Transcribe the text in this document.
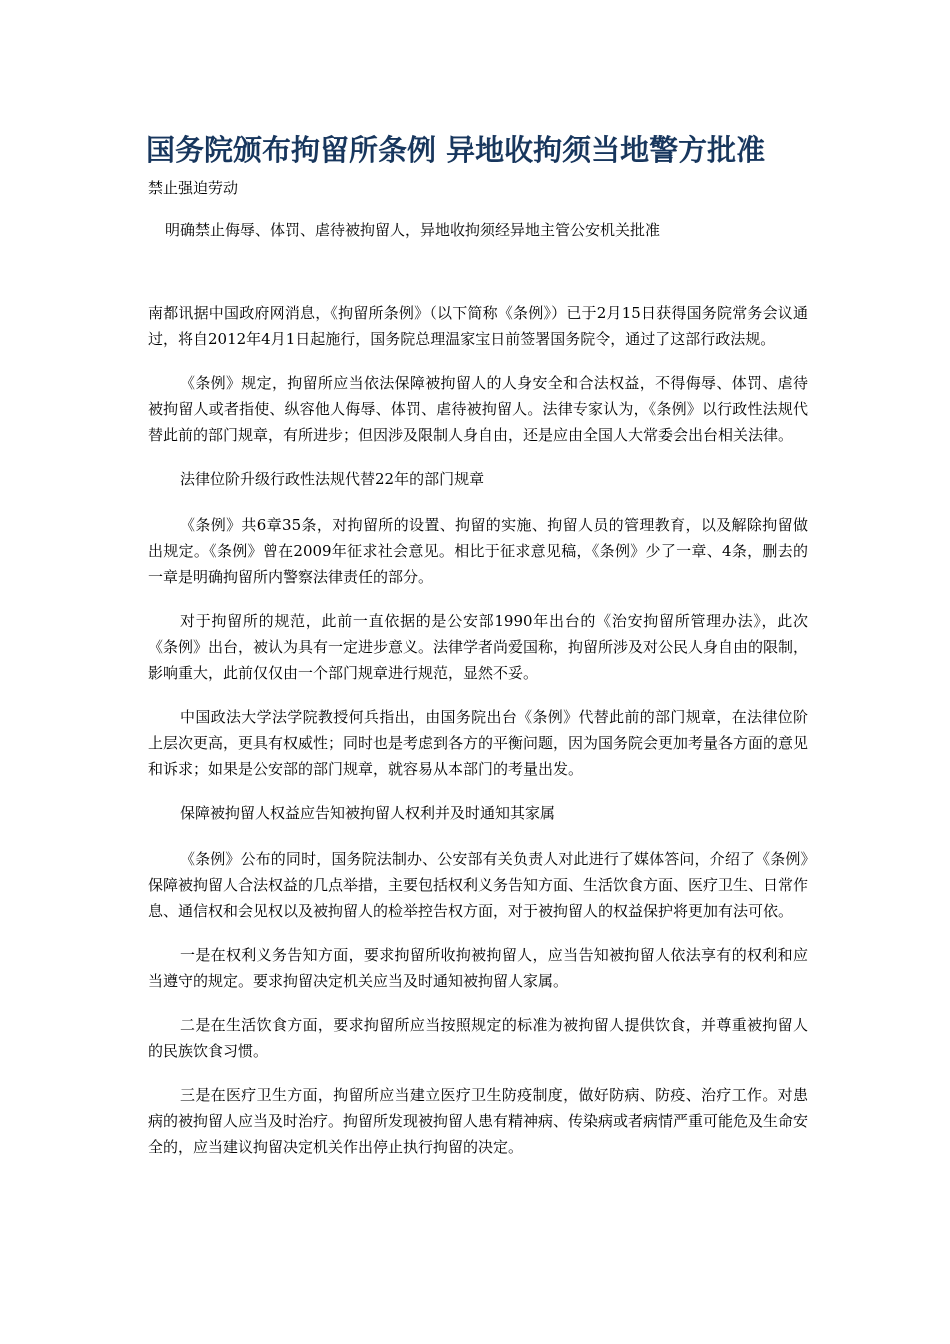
国务院颁布拘留所条例 异地收拘须当地警方批准

禁止强迫劳动

明确禁止侮辱、体罚、虐待被拘留人，异地收拘须经异地主管公安机关批准

南都讯据中国政府网消息，《拘留所条例》（以下简称《条例》）已于2月15日获得国务院常务会议通过，将自2012年4月1日起施行，国务院总理温家宝日前签署国务院令，通过了这部行政法规。

《条例》规定，拘留所应当依法保障被拘留人的人身安全和合法权益，不得侮辱、体罚、虐待被拘留人或者指使、纵容他人侮辱、体罚、虐待被拘留人。法律专家认为，《条例》以行政性法规代替此前的部门规章，有所进步；但因涉及限制人身自由，还是应由全国人大常委会出台相关法律。

法律位阶升级行政性法规代替22年的部门规章

《条例》共6章35条，对拘留所的设置、拘留的实施、拘留人员的管理教育，以及解除拘留做出规定。《条例》曾在2009年征求社会意见。相比于征求意见稿，《条例》少了一章、4条，删去的一章是明确拘留所内警察法律责任的部分。

对于拘留所的规范，此前一直依据的是公安部1990年出台的《治安拘留所管理办法》，此次《条例》出台，被认为具有一定进步意义。法律学者尚爱国称，拘留所涉及对公民人身自由的限制，影响重大，此前仅仅由一个部门规章进行规范，显然不妥。

中国政法大学法学院教授何兵指出，由国务院出台《条例》代替此前的部门规章，在法律位阶上层次更高，更具有权威性；同时也是考虑到各方的平衡问题，因为国务院会更加考量各方面的意见和诉求；如果是公安部的部门规章，就容易从本部门的考量出发。

保障被拘留人权益应告知被拘留人权利并及时通知其家属

《条例》公布的同时，国务院法制办、公安部有关负责人对此进行了媒体答问，介绍了《条例》保障被拘留人合法权益的几点举措，主要包括权利义务告知方面、生活饮食方面、医疗卫生、日常作息、通信权和会见权以及被拘留人的检举控告权方面，对于被拘留人的权益保护将更加有法可依。

一是在权利义务告知方面，要求拘留所收拘被拘留人，应当告知被拘留人依法享有的权利和应当遵守的规定。要求拘留决定机关应当及时通知被拘留人家属。

二是在生活饮食方面，要求拘留所应当按照规定的标准为被拘留人提供饮食，并尊重被拘留人的民族饮食习惯。

三是在医疗卫生方面，拘留所应当建立医疗卫生防疫制度，做好防病、防疫、治疗工作。对患病的被拘留人应当及时治疗。拘留所发现被拘留人患有精神病、传染病或者病情严重可能危及生命安全的，应当建议拘留决定机关作出停止执行拘留的决定。
